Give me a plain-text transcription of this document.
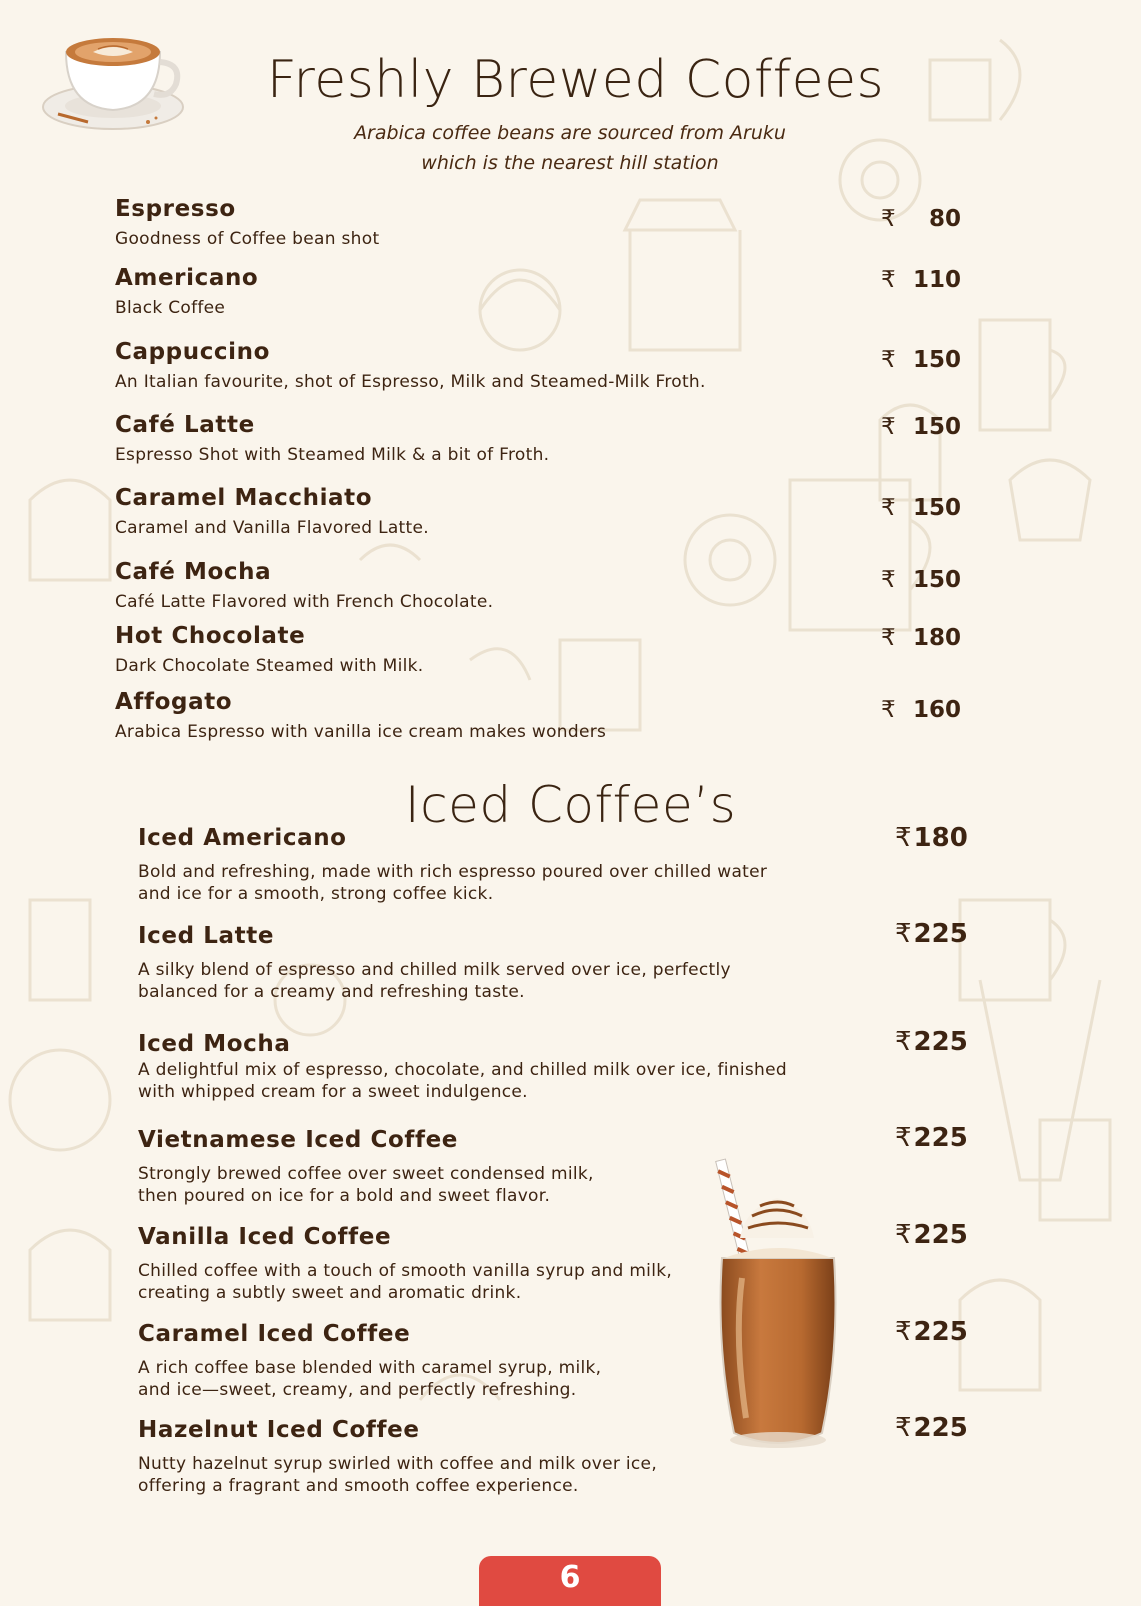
Freshly Brewed Coffees
Arabica coffee beans are sourced from Aruku
which is the nearest hill station
Espresso
Goodness of Coffee bean shot
₹ 80
Americano
Black Coffee
₹ 110
Cappuccino
An Italian favourite, shot of Espresso, Milk and Steamed-Milk Froth.
₹ 150
Café Latte
Espresso Shot with Steamed Milk & a bit of Froth.
₹ 150
Caramel Macchiato
Caramel and Vanilla Flavored Latte.
₹ 150
Café Mocha
Café Latte Flavored with French Chocolate.
₹ 150
Hot Chocolate
Dark Chocolate Steamed with Milk.
₹ 180
Affogato
Arabica Espresso with vanilla ice cream makes wonders
₹ 160
Iced Coffee’s
Iced Americano
Bold and refreshing, made with rich espresso poured over chilled water
and ice for a smooth, strong coffee kick.
₹180
Iced Latte
A silky blend of espresso and chilled milk served over ice, perfectly
balanced for a creamy and refreshing taste.
₹225
Iced Mocha
A delightful mix of espresso, chocolate, and chilled milk over ice, finished
with whipped cream for a sweet indulgence.
₹225
Vietnamese Iced Coffee
Strongly brewed coffee over sweet condensed milk,
then poured on ice for a bold and sweet flavor.
₹225
Vanilla Iced Coffee
Chilled coffee with a touch of smooth vanilla syrup and milk,
creating a subtly sweet and aromatic drink.
₹225
Caramel Iced Coffee
A rich coffee base blended with caramel syrup, milk,
and ice—sweet, creamy, and perfectly refreshing.
₹225
Hazelnut Iced Coffee
Nutty hazelnut syrup swirled with coffee and milk over ice,
offering a fragrant and smooth coffee experience.
₹225
6
